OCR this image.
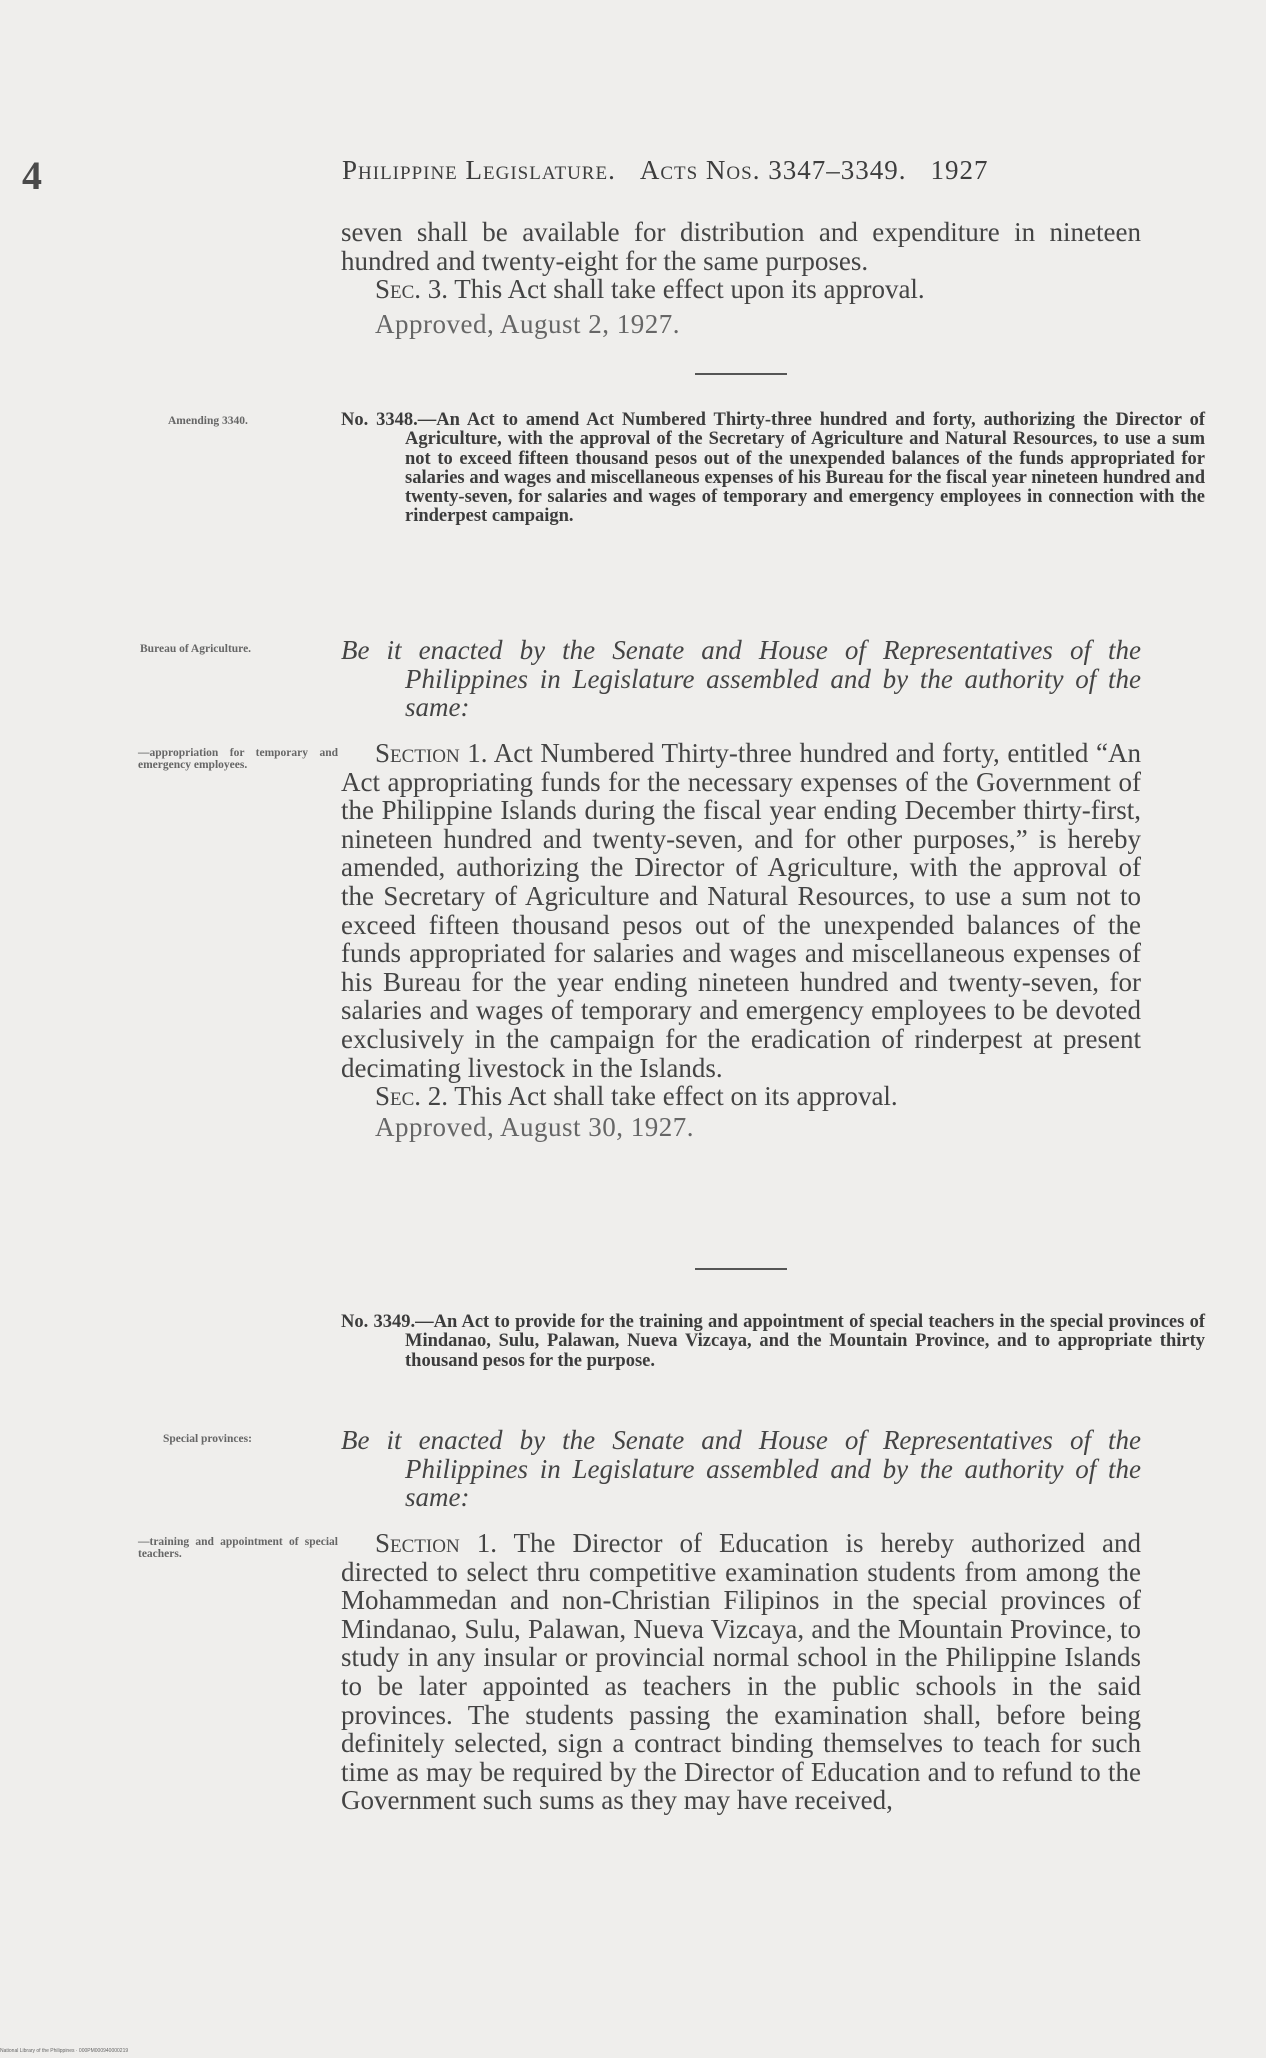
4	Philippine Legislature. Acts Nos. 3347–3349. 1927

seven shall be available for distribution and expenditure in nineteen hundred and twenty-eight for the same purposes.

Sec. 3. This Act shall take effect upon its approval.

Approved, August 2, 1927.

Amending 3340.	No. 3348.—An Act to amend Act Numbered Thirty-three hundred and forty, authorizing the Director of Agriculture, with the approval of the Secretary of Agriculture and Natural Resources, to use a sum not to exceed fifteen thousand pesos out of the unexpended balances of the funds appropriated for salaries and wages and miscellaneous expenses of his Bureau for the fiscal year nineteen hundred and twenty-seven, for salaries and wages of temporary and emergency employees in connection with the rinderpest campaign.
Bureau of Agriculture.	Be it enacted by the Senate and House of Representatives of the Philippines in Legislature assembled and by the authority of the same:
—appropriation for temporary and emergency employees.	Section 1. Act Numbered Thirty-three hundred and forty, entitled “An Act appropriating funds for the necessary expenses of the Government of the Philippine Islands during the fiscal year ending December thirty-first, nineteen hundred and twenty-seven, and for other purposes,” is hereby amended, authorizing the Director of Agriculture, with the approval of the Secretary of Agriculture and Natural Resources, to use a sum not to exceed fifteen thousand pesos out of the unexpended balances of the funds appropriated for salaries and wages and miscellaneous expenses of his Bureau for the year ending nineteen hundred and twenty-seven, for salaries and wages of temporary and emergency employees to be devoted exclusively in the campaign for the eradication of rinderpest at present decimating livestock in the Islands.

Sec. 2. This Act shall take effect on its approval.

Approved, August 30, 1927.

No. 3349.—An Act to provide for the training and appointment of special teachers in the special provinces of Mindanao, Sulu, Palawan, Nueva Vizcaya, and the Mountain Province, and to appropriate thirty thousand pesos for the purpose.
Special provinces:	Be it enacted by the Senate and House of Representatives of the Philippines in Legislature assembled and by the authority of the same:
—training and appointment of special teachers.	Section 1. The Director of Education is hereby authorized and directed to select thru competitive examination students from among the Mohammedan and non-Christian Filipinos in the special provinces of Mindanao, Sulu, Palawan, Nueva Vizcaya, and the Mountain Province, to study in any insular or provincial normal school in the Philippine Islands to be later appointed as teachers in the public schools in the said provinces. The students passing the examination shall, before being definitely selected, sign a contract binding themselves to teach for such time as may be required by the Director of Education and to refund to the Government such sums as they may have received,

National Library of the Philippines · 000PM000940000219
